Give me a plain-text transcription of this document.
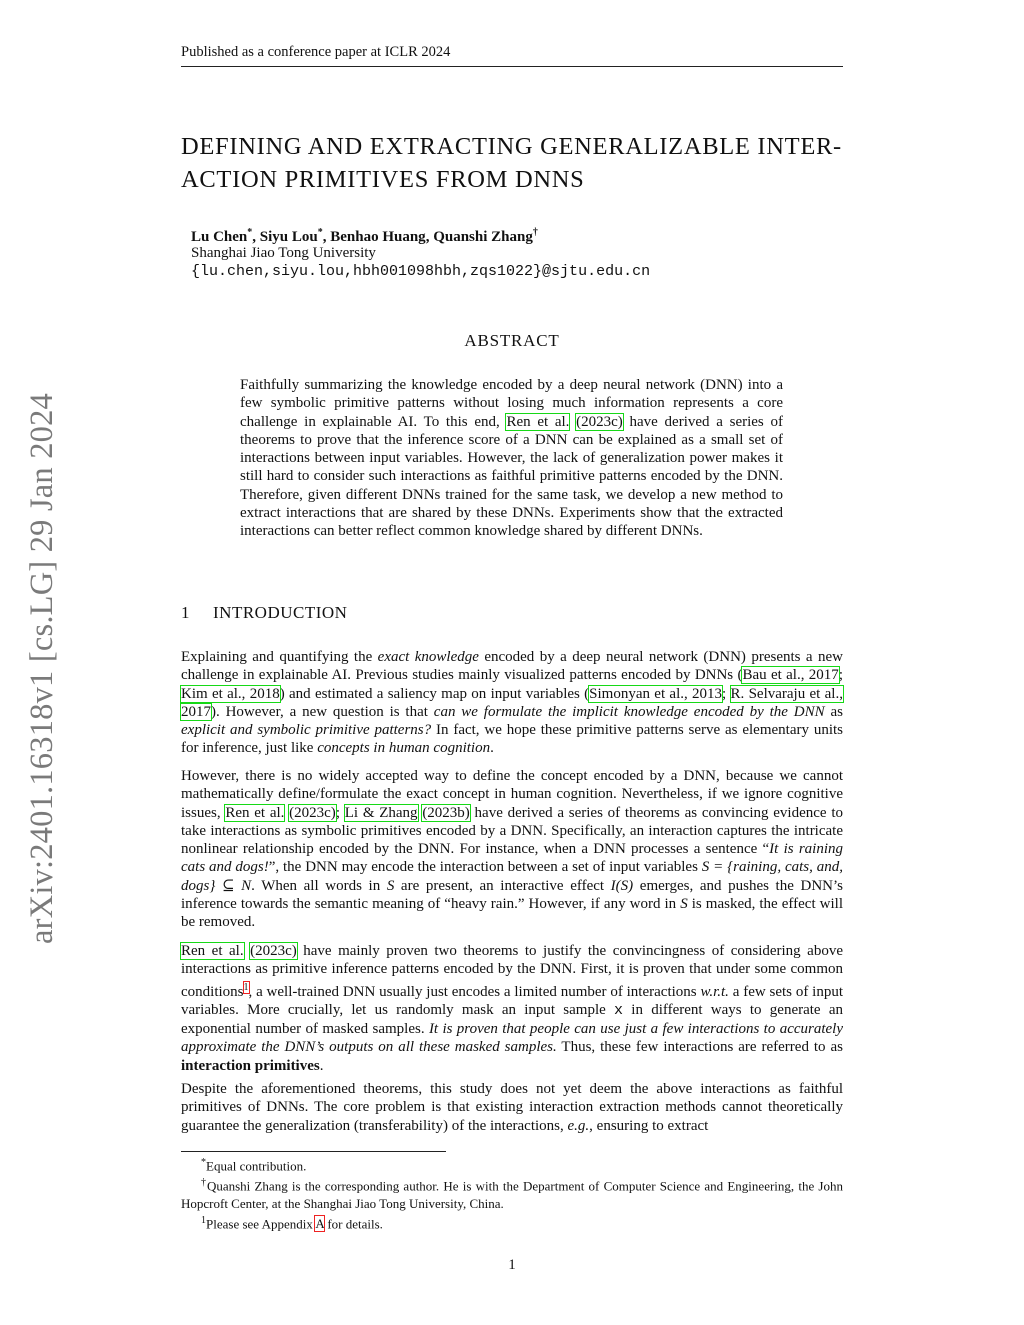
Published as a conference paper at ICLR 2024
arXiv:2401.16318v1 [cs.LG] 29 Jan 2024
DEFINING AND EXTRACTING GENERALIZABLE INTER-
ACTION PRIMITIVES FROM DNNS
Lu Chen*, Siyu Lou*, Benhao Huang, Quanshi Zhang†
Shanghai Jiao Tong University
{lu.chen,siyu.lou,hbh001098hbh,zqs1022}@sjtu.edu.cn
ABSTRACT
Faithfully summarizing the knowledge encoded by a deep neural network (DNN) into a few symbolic primitive patterns without losing much information represents a core challenge in explainable AI. To this end, Ren et al. (2023c) have derived a series of theorems to prove that the inference score of a DNN can be explained as a small set of interactions between input variables. However, the lack of generalization power makes it still hard to consider such interactions as faithful primitive patterns encoded by the DNN. Therefore, given different DNNs trained for the same task, we develop a new method to extract interactions that are shared by these DNNs. Experiments show that the extracted interactions can better reflect common knowledge shared by different DNNs.
1 INTRODUCTION
Explaining and quantifying the exact knowledge encoded by a deep neural network (DNN) presents a new challenge in explainable AI. Previous studies mainly visualized patterns encoded by DNNs (Bau et al., 2017; Kim et al., 2018) and estimated a saliency map on input variables (Simonyan et al., 2013; R. Selvaraju et al., 2017). However, a new question is that can we formulate the implicit knowledge encoded by the DNN as explicit and symbolic primitive patterns? In fact, we hope these primitive patterns serve as elementary units for inference, just like concepts in human cognition.
However, there is no widely accepted way to define the concept encoded by a DNN, because we cannot mathematically define/formulate the exact concept in human cognition. Nevertheless, if we ignore cognitive issues, Ren et al. (2023c); Li & Zhang (2023b) have derived a series of theorems as convincing evidence to take interactions as symbolic primitives encoded by a DNN. Specifically, an interaction captures the intricate nonlinear relationship encoded by the DNN. For instance, when a DNN processes a sentence “It is raining cats and dogs!”, the DNN may encode the interaction between a set of input variables S = {raining, cats, and, dogs} ⊆ N. When all words in S are present, an interactive effect I(S) emerges, and pushes the DNN’s inference towards the semantic meaning of “heavy rain.” However, if any word in S is masked, the effect will be removed.
Ren et al. (2023c) have mainly proven two theorems to justify the convincingness of considering above interactions as primitive inference patterns encoded by the DNN. First, it is proven that under some common conditions$^1$, a well-trained DNN usually just encodes a limited number of interactions w.r.t. a few sets of input variables. More crucially, let us randomly mask an input sample x in different ways to generate an exponential number of masked samples. It is proven that people can use just a few interactions to accurately approximate the DNN’s outputs on all these masked samples. Thus, these few interactions are referred to as interaction primitives.
Despite the aforementioned theorems, this study does not yet deem the above interactions as faithful primitives of DNNs. The core problem is that existing interaction extraction methods cannot theoretically guarantee the generalization (transferability) of the interactions, e.g., ensuring to extract
*Equal contribution.
†Quanshi Zhang is the corresponding author. He is with the Department of Computer Science and Engineering, the John Hopcroft Center, at the Shanghai Jiao Tong University, China.
$^1$Please see Appendix A for details.
1
